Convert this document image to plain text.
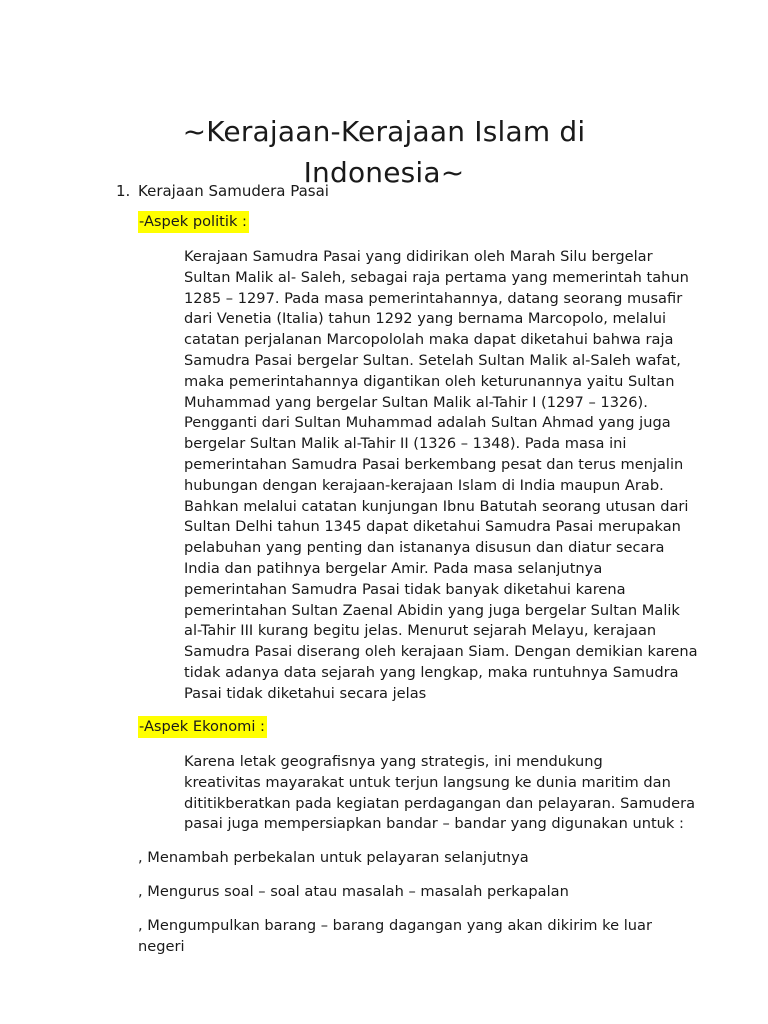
~Kerajaan-Kerajaan Islam di
Indonesia~
1. Kerajaan Samudera Pasai
-Aspek politik :
Kerajaan Samudra Pasai yang didirikan oleh Marah Silu bergelar
Sultan Malik al- Saleh, sebagai raja pertama yang memerintah tahun
1285 – 1297. Pada masa pemerintahannya, datang seorang musafir
dari Venetia (Italia) tahun 1292 yang bernama Marcopolo, melalui
catatan perjalanan Marcopololah maka dapat diketahui bahwa raja
Samudra Pasai bergelar Sultan. Setelah Sultan Malik al-Saleh wafat,
maka pemerintahannya digantikan oleh keturunannya yaitu Sultan
Muhammad yang bergelar Sultan Malik al-Tahir I (1297 – 1326).
Pengganti dari Sultan Muhammad adalah Sultan Ahmad yang juga
bergelar Sultan Malik al-Tahir II (1326 – 1348). Pada masa ini
pemerintahan Samudra Pasai berkembang pesat dan terus menjalin
hubungan dengan kerajaan-kerajaan Islam di India maupun Arab.
Bahkan melalui catatan kunjungan Ibnu Batutah seorang utusan dari
Sultan Delhi tahun 1345 dapat diketahui Samudra Pasai merupakan
pelabuhan yang penting dan istananya disusun dan diatur secara
India dan patihnya bergelar Amir. Pada masa selanjutnya
pemerintahan Samudra Pasai tidak banyak diketahui karena
pemerintahan Sultan Zaenal Abidin yang juga bergelar Sultan Malik
al-Tahir III kurang begitu jelas. Menurut sejarah Melayu, kerajaan
Samudra Pasai diserang oleh kerajaan Siam. Dengan demikian karena
tidak adanya data sejarah yang lengkap, maka runtuhnya Samudra
Pasai tidak diketahui secara jelas
-Aspek Ekonomi :
Karena letak geografisnya yang strategis, ini mendukung
kreativitas mayarakat untuk terjun langsung ke dunia maritim dan
dititikberatkan pada kegiatan perdagangan dan pelayaran. Samudera
pasai juga mempersiapkan bandar – bandar yang digunakan untuk :

, Menambah perbekalan untuk pelayaran selanjutnya

, Mengurus soal – soal atau masalah – masalah perkapalan

, Mengumpulkan barang – barang dagangan yang akan dikirim ke luar
negeri
